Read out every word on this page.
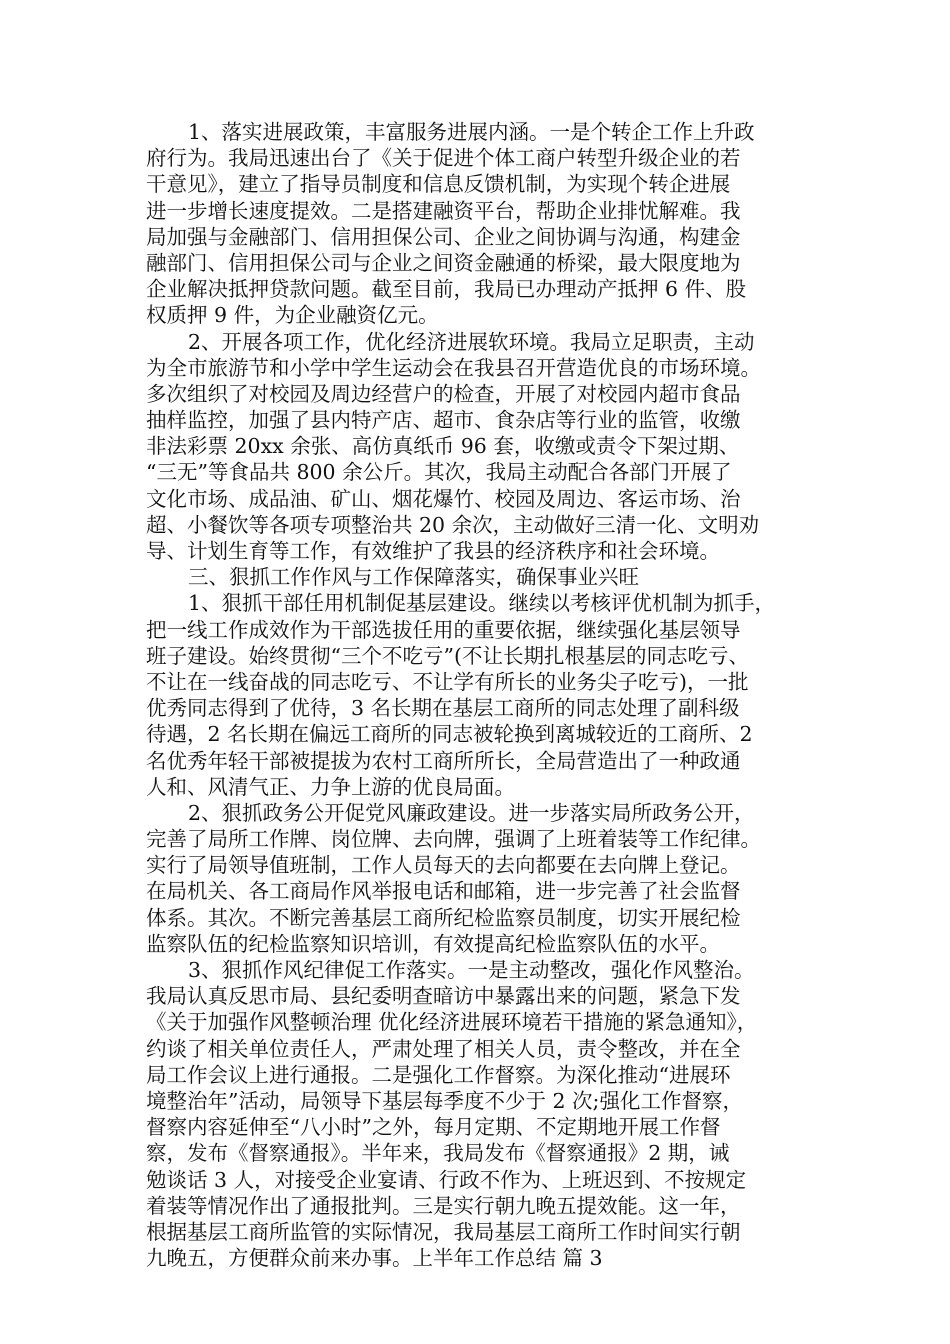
1、落实进展政策，丰富服务进展内涵。一是个转企工作上升政
府行为。我局迅速出台了《关于促进个体工商户转型升级企业的若
干意见》，建立了指导员制度和信息反馈机制，为实现个转企进展
进一步增长速度提效。二是搭建融资平台，帮助企业排忧解难。我
局加强与金融部门、信用担保公司、企业之间协调与沟通，构建金
融部门、信用担保公司与企业之间资金融通的桥梁，最大限度地为
企业解决抵押贷款问题。截至目前，我局已办理动产抵押 6 件、股
权质押 9 件，为企业融资亿元。
2、开展各项工作，优化经济进展软环境。我局立足职责，主动
为全市旅游节和小学中学生运动会在我县召开营造优良的市场环境。
多次组织了对校园及周边经营户的检查，开展了对校园内超市食品
抽样监控，加强了县内特产店、超市、食杂店等行业的监管，收缴
非法彩票 20xx 余张、高仿真纸币 96 套，收缴或责令下架过期、
“三无”等食品共 800 余公斤。其次，我局主动配合各部门开展了
文化市场、成品油、矿山、烟花爆竹、校园及周边、客运市场、治
超、小餐饮等各项专项整治共 20 余次，主动做好三清一化、文明劝
导、计划生育等工作，有效维护了我县的经济秩序和社会环境。
三、狠抓工作作风与工作保障落实，确保事业兴旺
1、狠抓干部任用机制促基层建设。继续以考核评优机制为抓手，
把一线工作成效作为干部选拔任用的重要依据，继续强化基层领导
班子建设。始终贯彻“三个不吃亏”(不让长期扎根基层的同志吃亏、
不让在一线奋战的同志吃亏、不让学有所长的业务尖子吃亏)，一批
优秀同志得到了优待，3 名长期在基层工商所的同志处理了副科级
待遇，2 名长期在偏远工商所的同志被轮换到离城较近的工商所、2
名优秀年轻干部被提拔为农村工商所所长，全局营造出了一种政通
人和、风清气正、力争上游的优良局面。
2、狠抓政务公开促党风廉政建设。进一步落实局所政务公开，
完善了局所工作牌、岗位牌、去向牌，强调了上班着装等工作纪律。
实行了局领导值班制，工作人员每天的去向都要在去向牌上登记。
在局机关、各工商局作风举报电话和邮箱，进一步完善了社会监督
体系。其次。不断完善基层工商所纪检监察员制度，切实开展纪检
监察队伍的纪检监察知识培训，有效提高纪检监察队伍的水平。
3、狠抓作风纪律促工作落实。一是主动整改，强化作风整治。
我局认真反思市局、县纪委明查暗访中暴露出来的问题，紧急下发
《关于加强作风整顿治理 优化经济进展环境若干措施的紧急通知》，
约谈了相关单位责任人，严肃处理了相关人员，责令整改，并在全
局工作会议上进行通报。二是强化工作督察。为深化推动“进展环
境整治年”活动，局领导下基层每季度不少于 2 次;强化工作督察，
督察内容延伸至“八小时”之外，每月定期、不定期地开展工作督
察，发布《督察通报》。半年来，我局发布《督察通报》2 期，诫
勉谈话 3 人，对接受企业宴请、行政不作为、上班迟到、不按规定
着装等情况作出了通报批判。三是实行朝九晚五提效能。这一年，
根据基层工商所监管的实际情况，我局基层工商所工作时间实行朝
九晚五，方便群众前来办事。上半年工作总结 篇 3
